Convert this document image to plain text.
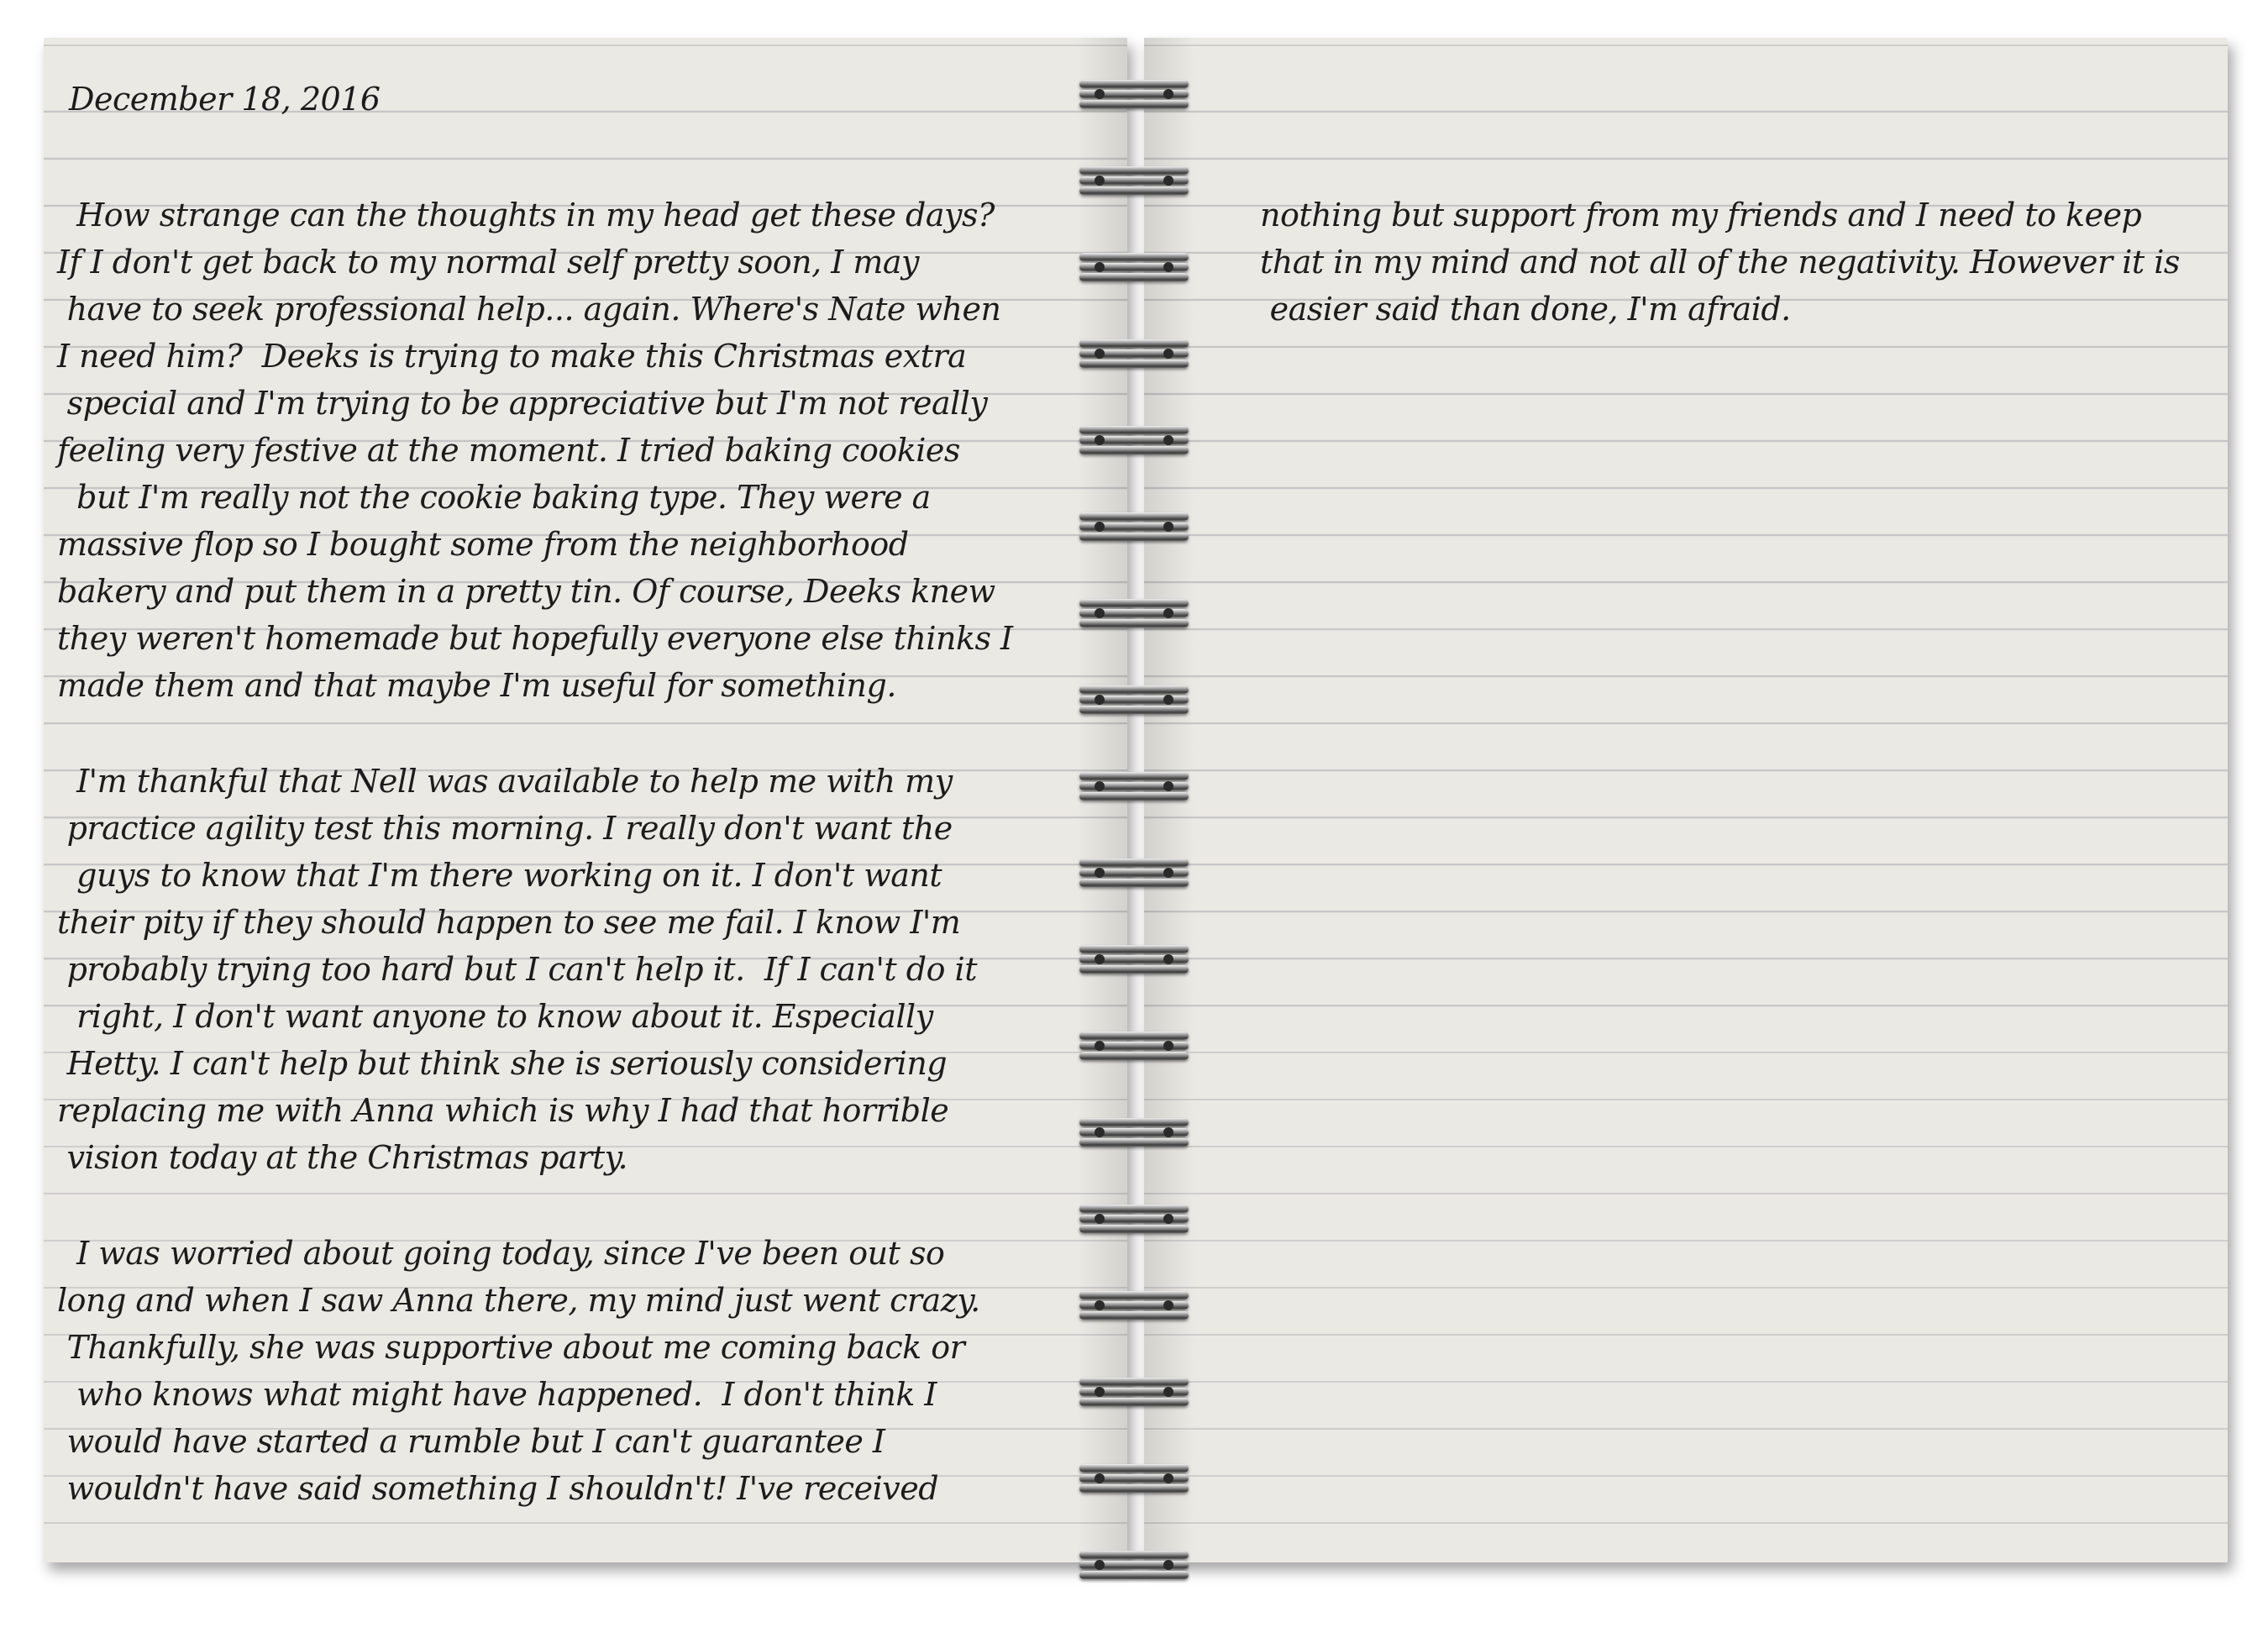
December 18, 2016
How strange can the thoughts in my head get these days?
If I don't get back to my normal self pretty soon, I may
have to seek professional help... again. Where's Nate when
I need him?  Deeks is trying to make this Christmas extra
special and I'm trying to be appreciative but I'm not really
feeling very festive at the moment. I tried baking cookies
but I'm really not the cookie baking type. They were a
massive flop so I bought some from the neighborhood
bakery and put them in a pretty tin. Of course, Deeks knew
they weren't homemade but hopefully everyone else thinks I
made them and that maybe I'm useful for something.
I'm thankful that Nell was available to help me with my
practice agility test this morning. I really don't want the
guys to know that I'm there working on it. I don't want
their pity if they should happen to see me fail. I know I'm
probably trying too hard but I can't help it.  If I can't do it
right, I don't want anyone to know about it. Especially
Hetty. I can't help but think she is seriously considering
replacing me with Anna which is why I had that horrible
vision today at the Christmas party.
I was worried about going today, since I've been out so
long and when I saw Anna there, my mind just went crazy.
Thankfully, she was supportive about me coming back or
who knows what might have happened.  I don't think I
would have started a rumble but I can't guarantee I
wouldn't have said something I shouldn't! I've received
nothing but support from my friends and I need to keep
that in my mind and not all of the negativity. However it is
easier said than done, I'm afraid.
